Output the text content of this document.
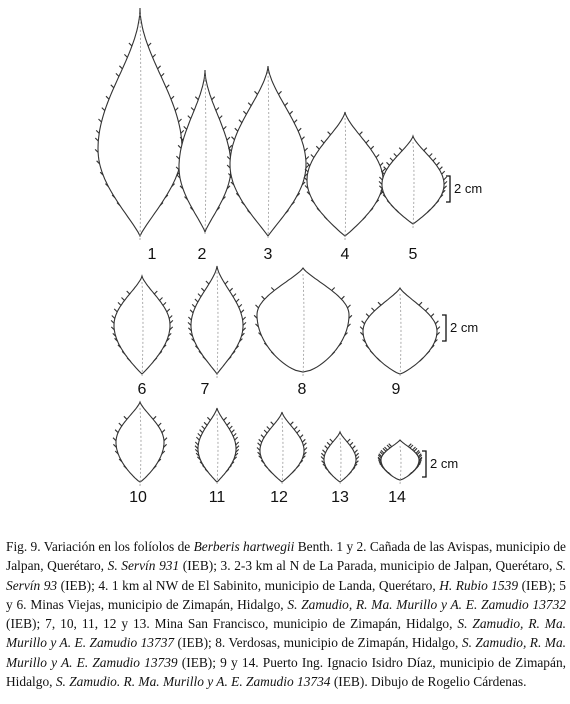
1	2	3	4	5
6	7	8	9
10	11	12	13 14
2 cm
2 cm
2 cm
Fig. 9. Variación en los folíolos de Berberis hartwegii Benth. 1 y 2. Cañada de las Avispas, municipio de Jalpan, Querétaro, S. Servín 931 (IEB); 3. 2-3 km al N de La Parada, municipio de Jalpan, Querétaro, S. Servín 93 (IEB); 4. 1 km al NW de El Sabinito, municipio de Landa, Querétaro, H. Rubio 1539 (IEB); 5 y 6. Minas Viejas, municipio de Zimapán, Hidalgo, S. Zamudio, R. Ma. Murillo y A. E. Zamudio 13732 (IEB); 7, 10, 11, 12 y 13. Mina San Francisco, municipio de Zimapán, Hidalgo, S. Zamudio, R. Ma. Murillo y A. E. Zamudio 13737 (IEB); 8. Verdosas, municipio de Zimapán, Hidalgo, S. Zamudio, R. Ma. Murillo y A. E. Zamudio 13739 (IEB); 9 y 14. Puerto Ing. Ignacio Isidro Díaz, municipio de Zimapán, Hidalgo, S. Zamudio. R. Ma. Murillo y A. E. Zamudio 13734 (IEB). Dibujo de Rogelio Cárdenas.
